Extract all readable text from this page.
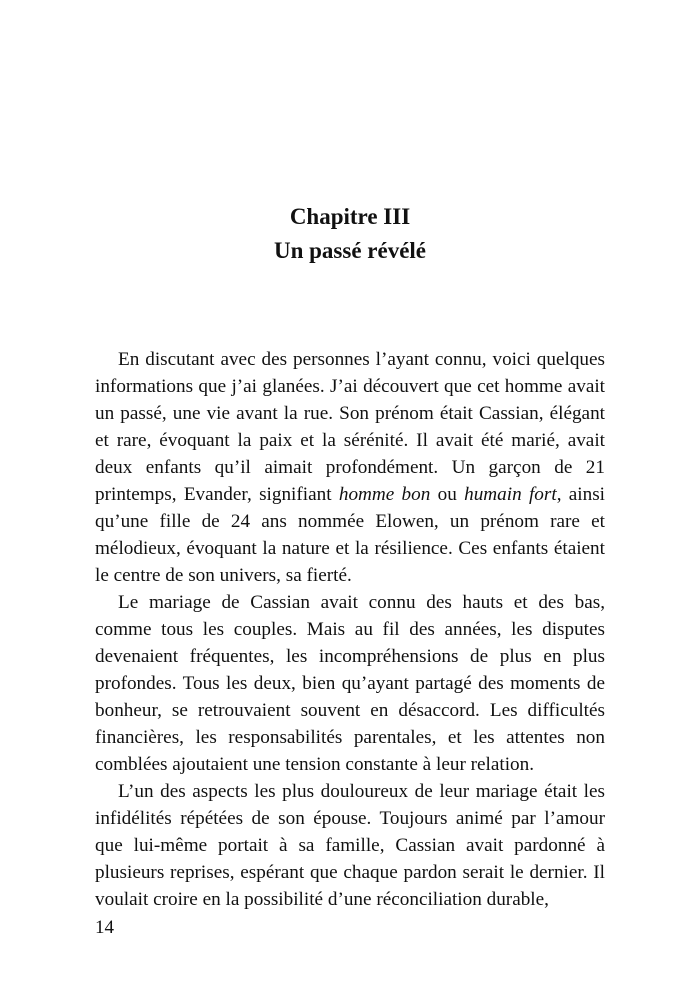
Chapitre III
Un passé révélé

En discutant avec des personnes l’ayant connu, voici quelques informations que j’ai glanées. J’ai découvert que cet homme avait un passé, une vie avant la rue. Son prénom était Cassian, élégant et rare, évoquant la paix et la sérénité. Il avait été marié, avait deux enfants qu’il aimait profondément. Un garçon de 21 printemps, Evander, signifiant homme bon ou humain fort, ainsi qu’une fille de 24 ans nommée Elowen, un prénom rare et mélodieux, évoquant la nature et la résilience. Ces enfants étaient le centre de son univers, sa fierté.

Le mariage de Cassian avait connu des hauts et des bas, comme tous les couples. Mais au fil des années, les disputes devenaient fréquentes, les incompréhensions de plus en plus profondes. Tous les deux, bien qu’ayant partagé des moments de bonheur, se retrouvaient souvent en désaccord. Les difficultés financières, les responsabilités parentales, et les attentes non comblées ajoutaient une tension constante à leur relation.

L’un des aspects les plus douloureux de leur mariage était les infidélités répétées de son épouse. Toujours animé par l’amour que lui-même portait à sa famille, Cassian avait pardonné à plusieurs reprises, espérant que chaque pardon serait le dernier. Il voulait croire en la possibilité d’une réconciliation durable,

14
